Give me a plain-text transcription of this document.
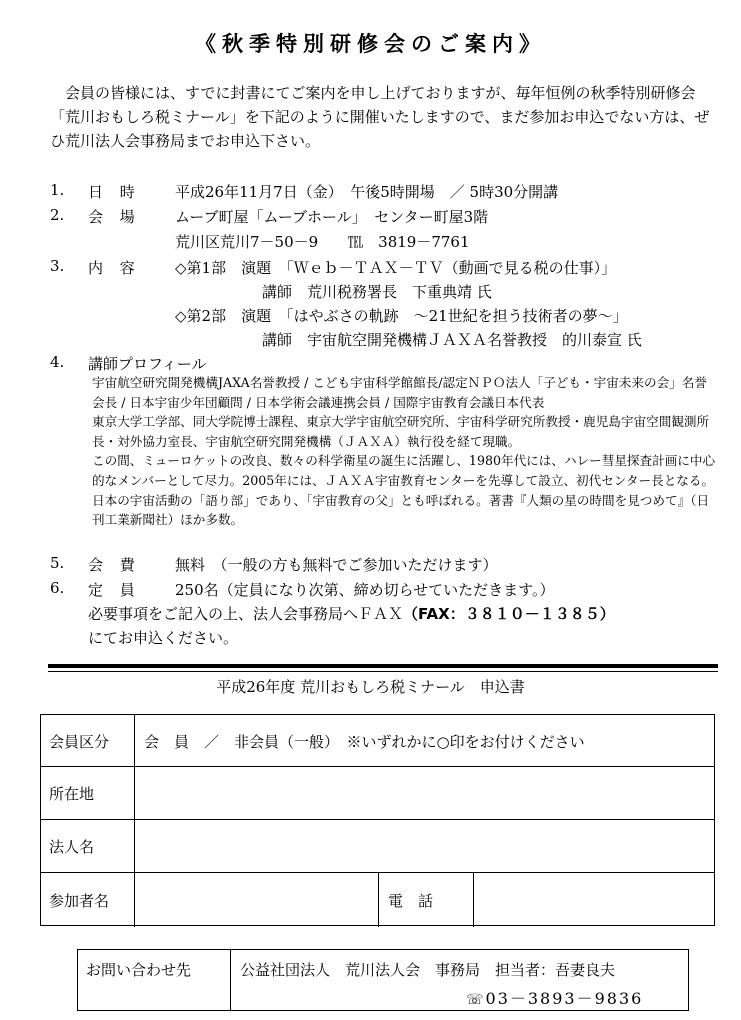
《秋季特別研修会のご案内》
会員の皆様には、すでに封書にてご案内を申し上げておりますが、毎年恒例の秋季特別研修会「荒川おもしろ税ミナール」を下記のように開催いたしますので、まだ参加お申込でない方は、ぜひ荒川法人会事務局までお申込下さい。
1. 日 時 平成26年11月7日（金）　午後5時開場　／ 5時30分開講
2. 会 場 ムーブ町屋「ムーブホール」　センター町屋3階
荒川区荒川7－50－9　　℡　3819－7761
3. 内 容 ◇第1部　演題　「Ｗｅｂ－ＴＡＸ－ＴＶ（動画で見る税の仕事）」
講師　荒川税務署長　下重典靖 氏
◇第2部　演題　「はやぶさの軌跡　～21世紀を担う技術者の夢～」
講師　宇宙航空開発機構ＪＡＸＡ名誉教授　的川泰宣 氏
4. 講師プロフィール

宇宙航空研究開発機構JAXA名誉教授 / こども宇宙科学館館長/認定ＮＰＯ法人「子ども・宇宙未来の会」名誉会長 / 日本宇宙少年団顧問 / 日本学術会議連携会員 / 国際宇宙教育会議日本代表

東京大学工学部、同大学院博士課程、東京大学宇宙航空研究所、宇宙科学研究所教授・鹿児島宇宙空間観測所長・対外協力室長、宇宙航空研究開発機構（ＪＡＸＡ）執行役を経て現職。

この間、ミューロケットの改良、数々の科学衛星の誕生に活躍し、1980年代には、ハレー彗星探査計画に中心的なメンバーとして尽力。2005年には、ＪＡＸＡ宇宙教育センターを先導して設立、初代センター長となる。日本の宇宙活動の「語り部」であり、「宇宙教育の父」とも呼ばれる。著書『人類の星の時間を見つめて』（日刊工業新聞社）ほか多数。

5. 会 費 無料　（一般の方も無料でご参加いただけます）
6. 定 員 250名（定員になり次第、締め切らせていただきます。）
必要事項をご記入の上、法人会事務局へＦＡＸ（FAX：３８１０－１３８５）
にてお申込ください。
平成26年度 荒川おもしろ税ミナール　申込書
会員区分 会　員　／　非会員（一般）　※いずれかに○印をお付けください
所在地
法人名
参加者名	電　話
お問い合わせ先	公益社団法人　荒川法人会　事務局　担当者：吾妻良夫
☏03－3893－9836
